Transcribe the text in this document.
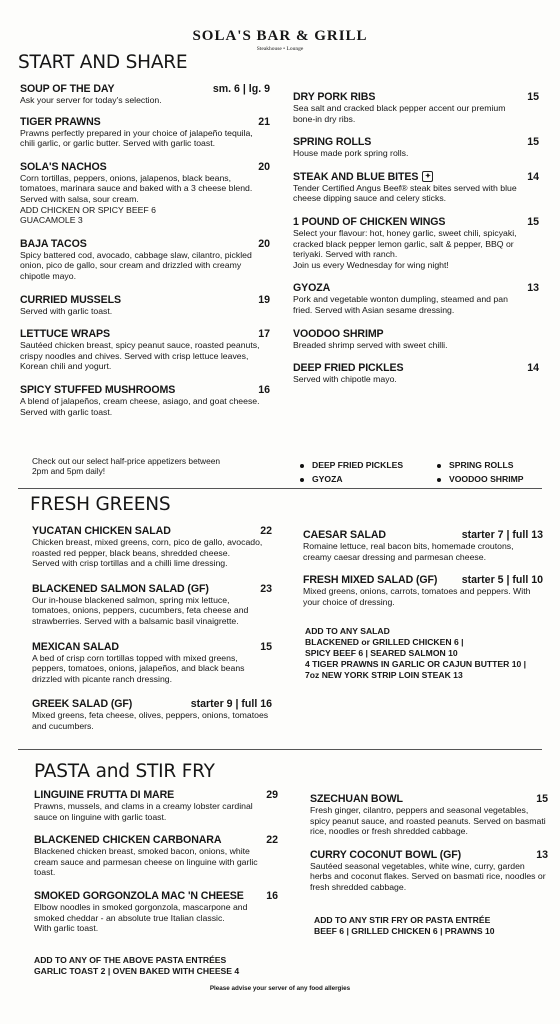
SOLA'S BAR & GRILL
Steakhouse • Lounge
START AND SHARE
SOUP OF THE DAY	sm. 6 | lg. 9
Ask your server for today's selection.
TIGER PRAWNS	21
Prawns perfectly prepared in your choice of jalapeño tequila,
chili garlic, or garlic butter. Served with garlic toast.
SOLA'S NACHOS	20
Corn tortillas, peppers, onions, jalapenos, black beans,
tomatoes, marinara sauce and baked with a 3 cheese blend.
Served with salsa, sour cream.
ADD CHICKEN OR SPICY BEEF 6
GUACAMOLE 3
BAJA TACOS	20
Spicy battered cod, avocado, cabbage slaw, cilantro, pickled
onion, pico de gallo, sour cream and drizzled with creamy
chipotle mayo.
CURRIED MUSSELS	19
Served with garlic toast.
LETTUCE WRAPS	17
Sautéed chicken breast, spicy peanut sauce, roasted peanuts,
crispy noodles and chives. Served with crisp lettuce leaves,
Korean chili and yogurt.
SPICY STUFFED MUSHROOMS	16
A blend of jalapeños, cream cheese, asiago, and goat cheese.
Served with garlic toast.
DRY PORK RIBS	15
Sea salt and cracked black pepper accent our premium
bone-in dry ribs.
SPRING ROLLS	15
House made pork spring rolls.
STEAK AND BLUE BITES ✦	14
Tender Certified Angus Beef® steak bites served with blue
cheese dipping sauce and celery sticks.
1 POUND OF CHICKEN WINGS	15
Select your flavour: hot, honey garlic, sweet chili, spicyaki,
cracked black pepper lemon garlic, salt & pepper, BBQ or
teriyaki. Served with ranch.
Join us every Wednesday for wing night!
GYOZA	13
Pork and vegetable wonton dumpling, steamed and pan
fried. Served with Asian sesame dressing.
VOODOO SHRIMP
Breaded shrimp served with sweet chilli.
DEEP FRIED PICKLES	14
Served with chipotle mayo.
Check out our select half-price appetizers between
2pm and 5pm daily!
DEEP FRIED PICKLES
GYOZA
SPRING ROLLS
VOODOO SHRIMP
FRESH GREENS
YUCATAN CHICKEN SALAD	22
Chicken breast, mixed greens, corn, pico de gallo, avocado,
roasted red pepper, black beans, shredded cheese.
Served with crisp tortillas and a chilli lime dressing.
BLACKENED SALMON SALAD (GF)	23
Our in-house blackened salmon, spring mix lettuce,
tomatoes, onions, peppers, cucumbers, feta cheese and
strawberries. Served with a balsamic basil vinaigrette.
MEXICAN SALAD	15
A bed of crisp corn tortillas topped with mixed greens,
peppers, tomatoes, onions, jalapeños, and black beans
drizzled with picante ranch dressing.
GREEK SALAD (GF)	starter 9 | full 16
Mixed greens, feta cheese, olives, peppers, onions, tomatoes
and cucumbers.
CAESAR SALAD	starter 7 | full 13
Romaine lettuce, real bacon bits, homemade croutons,
creamy caesar dressing and parmesan cheese.
FRESH MIXED SALAD (GF) starter 5 | full 10
Mixed greens, onions, carrots, tomatoes and peppers. With
your choice of dressing.
ADD TO ANY SALAD
BLACKENED or GRILLED CHICKEN 6 |
SPICY BEEF 6 | SEARED SALMON 10
4 TIGER PRAWNS IN GARLIC OR CAJUN BUTTER 10 |
7oz NEW YORK STRIP LOIN STEAK 13
PASTA and STIR FRY
LINGUINE FRUTTA DI MARE	29
Prawns, mussels, and clams in a creamy lobster cardinal
sauce on linguine with garlic toast.
BLACKENED CHICKEN CARBONARA	22
Blackened chicken breast, smoked bacon, onions, white
cream sauce and parmesan cheese on linguine with garlic toast.
SMOKED GORGONZOLA MAC 'N CHEESE 16
Elbow noodles in smoked gorgonzola, mascarpone and
smoked cheddar - an absolute true Italian classic.
With garlic toast.
ADD TO ANY OF THE ABOVE PASTA ENTRÉES
GARLIC TOAST 2 | OVEN BAKED WITH CHEESE 4
SZECHUAN BOWL	15
Fresh ginger, cilantro, peppers and seasonal vegetables,
spicy peanut sauce, and roasted peanuts. Served on basmati
rice, noodles or fresh shredded cabbage.
CURRY COCONUT BOWL (GF)	13
Sautéed seasonal vegetables, white wine, curry, garden
herbs and coconut flakes. Served on basmati rice, noodles or
fresh shredded cabbage.
ADD TO ANY STIR FRY OR PASTA ENTRÉE
BEEF 6 | GRILLED CHICKEN 6 | PRAWNS 10
Please advise your server of any food allergies
